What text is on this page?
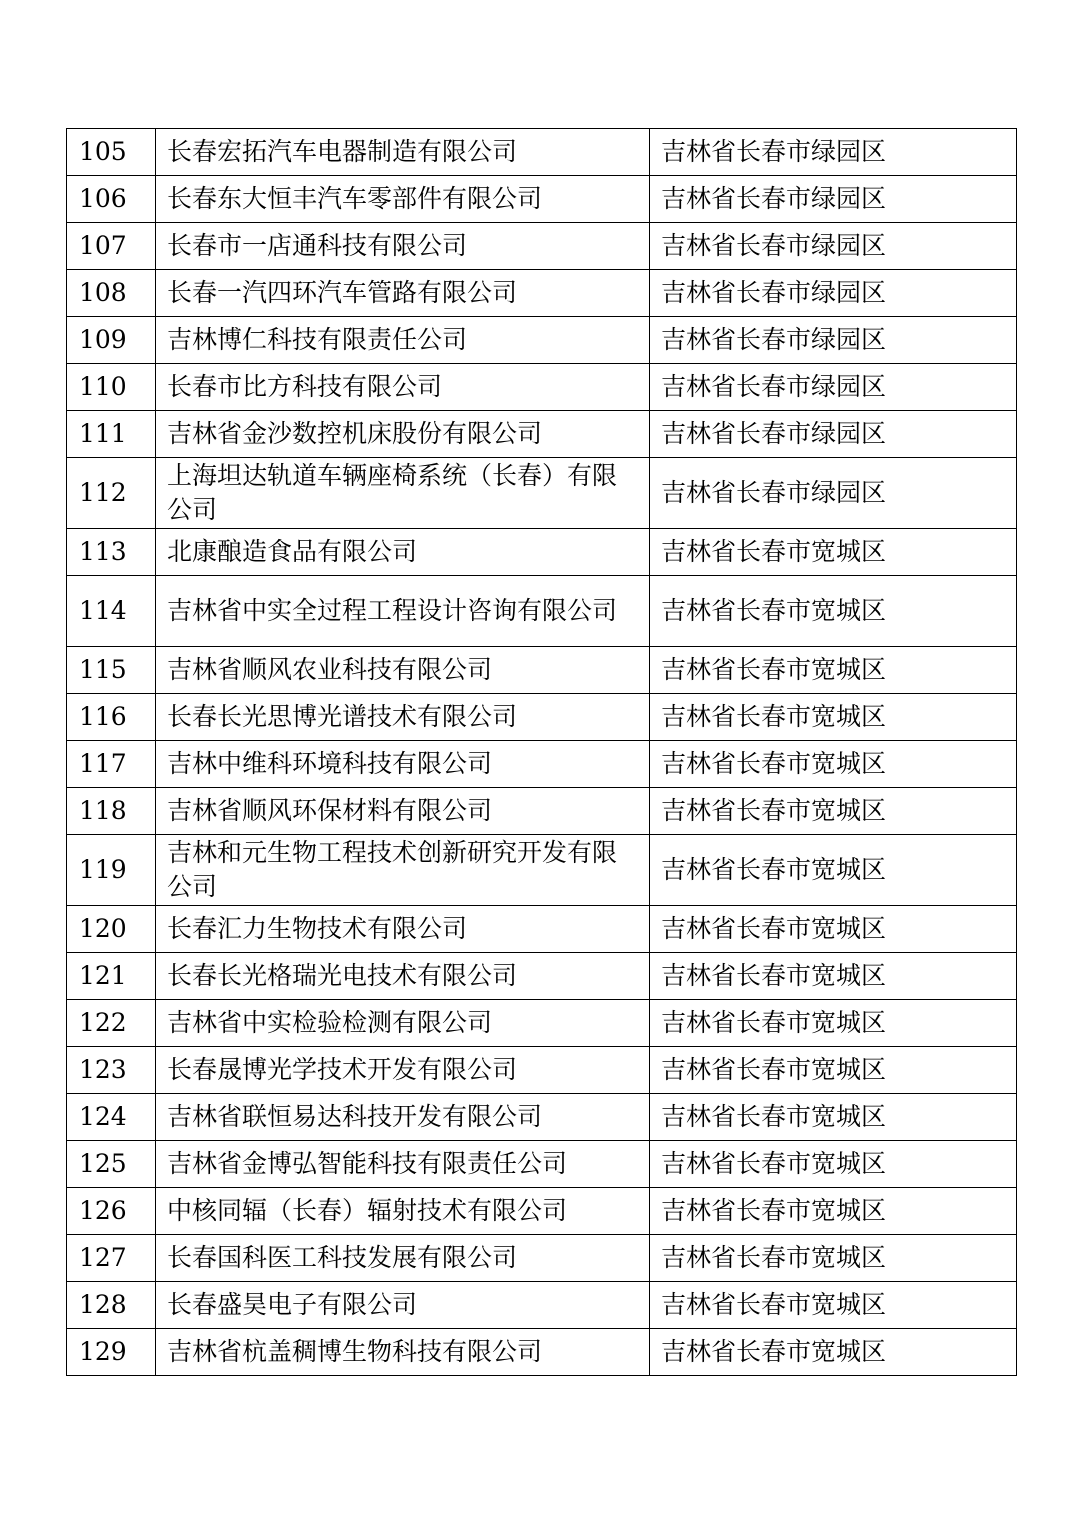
105	长春宏拓汽车电器制造有限公司	吉林省长春市绿园区
106	长春东大恒丰汽车零部件有限公司	吉林省长春市绿园区
107	长春市一店通科技有限公司	吉林省长春市绿园区
108	长春一汽四环汽车管路有限公司	吉林省长春市绿园区
109	吉林博仁科技有限责任公司	吉林省长春市绿园区
110	长春市比方科技有限公司	吉林省长春市绿园区
111	吉林省金沙数控机床股份有限公司	吉林省长春市绿园区
112	上海坦达轨道车辆座椅系统（长春）有限公司	吉林省长春市绿园区
113	北康酿造食品有限公司	吉林省长春市宽城区
114	吉林省中实全过程工程设计咨询有限公司	吉林省长春市宽城区
115	吉林省顺风农业科技有限公司	吉林省长春市宽城区
116	长春长光思博光谱技术有限公司	吉林省长春市宽城区
117	吉林中维科环境科技有限公司	吉林省长春市宽城区
118	吉林省顺风环保材料有限公司	吉林省长春市宽城区
119	吉林和元生物工程技术创新研究开发有限公司	吉林省长春市宽城区
120	长春汇力生物技术有限公司	吉林省长春市宽城区
121	长春长光格瑞光电技术有限公司	吉林省长春市宽城区
122	吉林省中实检验检测有限公司	吉林省长春市宽城区
123	长春晟博光学技术开发有限公司	吉林省长春市宽城区
124	吉林省联恒易达科技开发有限公司	吉林省长春市宽城区
125	吉林省金博弘智能科技有限责任公司	吉林省长春市宽城区
126	中核同辐（长春）辐射技术有限公司	吉林省长春市宽城区
127	长春国科医工科技发展有限公司	吉林省长春市宽城区
128	长春盛昊电子有限公司	吉林省长春市宽城区
129	吉林省杭盖稠博生物科技有限公司	吉林省长春市宽城区
